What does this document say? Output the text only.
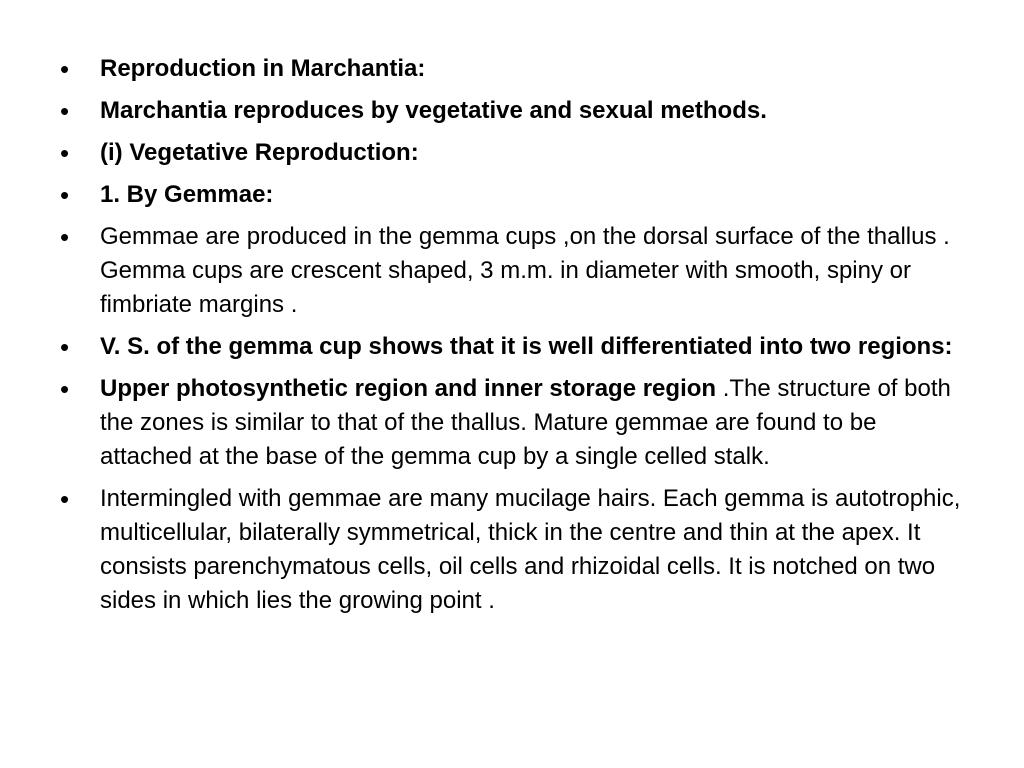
• Reproduction in Marchantia:
• Marchantia reproduces by vegetative and sexual methods.
• (i) Vegetative Reproduction:
• 1. By Gemmae:
• Gemmae are produced in the gemma cups ,on the dorsal surface of the thallus . Gemma cups are crescent shaped, 3 m.m. in diameter with smooth, spiny or fimbriate margins .
• V. S. of the gemma cup shows that it is well differentiated into two regions:
• Upper photosynthetic region and inner storage region .The structure of both the zones is similar to that of the thallus. Mature gemmae are found to be attached at the base of the gemma cup by a single celled stalk.
• Intermingled with gemmae are many mucilage hairs. Each gemma is autotrophic, multicellular, bilaterally symmetrical, thick in the centre and thin at the apex. It consists parenchymatous cells, oil cells and rhizoidal cells. It is notched on two sides in which lies the growing point .
